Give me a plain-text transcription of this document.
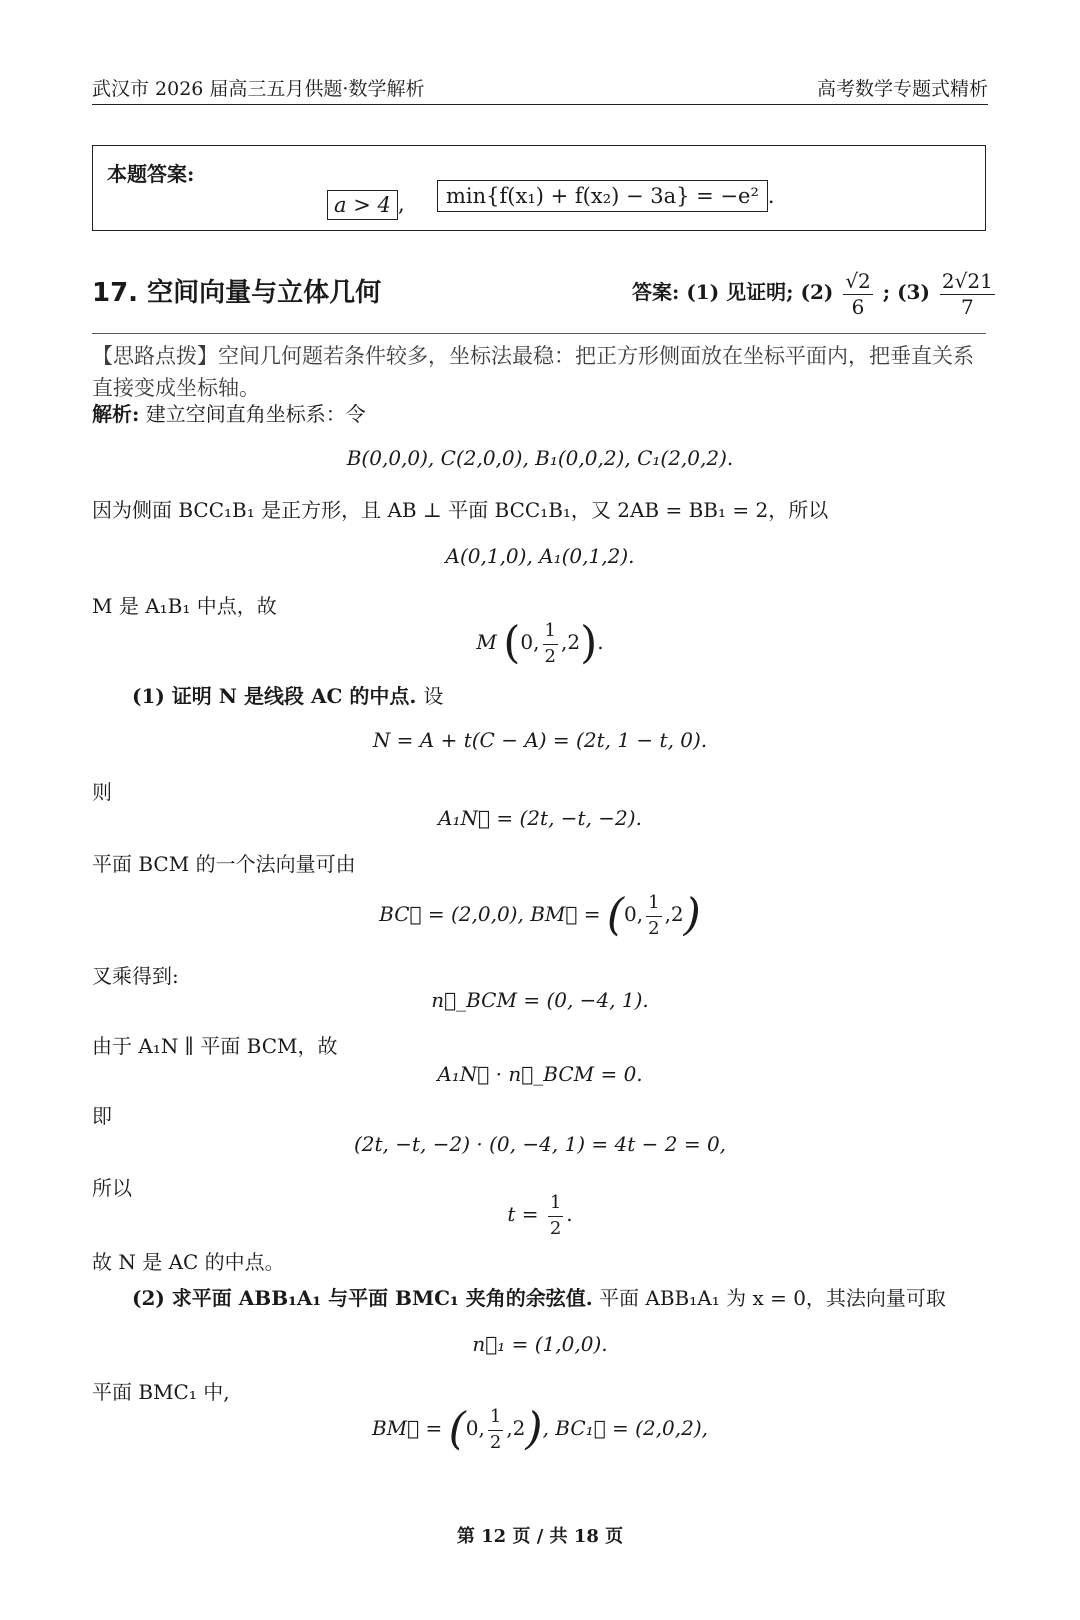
武汉市 2026 届高三五月供题·数学解析	高考数学专题式精析
本题答案:
a > 4 ,	min{f(x₁) + f(x₂) − 3a} = −e² .
17. 空间向量与立体几何	答案: (1) 见证明; $(2) \frac{√2}{6}$ ; $(3) \frac{2√21}{7}$
【思路点拨】空间几何题若条件较多，坐标法最稳：把正方形侧面放在坐标平面内，把垂直关系直接变成坐标轴。
解析: 建立空间直角坐标系：令
B(0,0,0), C(2,0,0), B₁(0,0,2), C₁(2,0,2).
因为侧面 BCC₁B₁ 是正方形，且 AB ⊥ 平面 BCC₁B₁，又 2AB = BB₁ = 2，所以
A(0,1,0), A₁(0,1,2).
M 是 A₁B₁ 中点，故
M (0, $\frac{1}{2} ,2$).
(1) 证明 N 是线段 AC 的中点. 设
N = A + t(C − A) = (2t, 1 − t, 0).
则
A₁N⃗ = (2t, −t, −2).
平面 BCM 的一个法向量可由
BC⃗ = (2,0,0), BM⃗ = (0, $\frac{1}{2} ,2$)
叉乘得到:
n⃗_BCM = (0, −4, 1).
由于 A₁N ∥ 平面 BCM，故
A₁N⃗ · n⃗_BCM = 0.
即
(2t, −t, −2) · (0, −4, 1) = 4t − 2 = 0,
所以
$t = \frac{1}{2}$ .
故 N 是 AC 的中点。
(2) 求平面 ABB₁A₁ 与平面 BMC₁ 夹角的余弦值. 平面 ABB₁A₁ 为 x = 0，其法向量可取
n⃗₁ = (1,0,0).
平面 BMC₁ 中,
BM⃗ = (0, $\frac{1}{2} ,2$), BC₁⃗ = (2,0,2),
第 12 页 / 共 18 页
